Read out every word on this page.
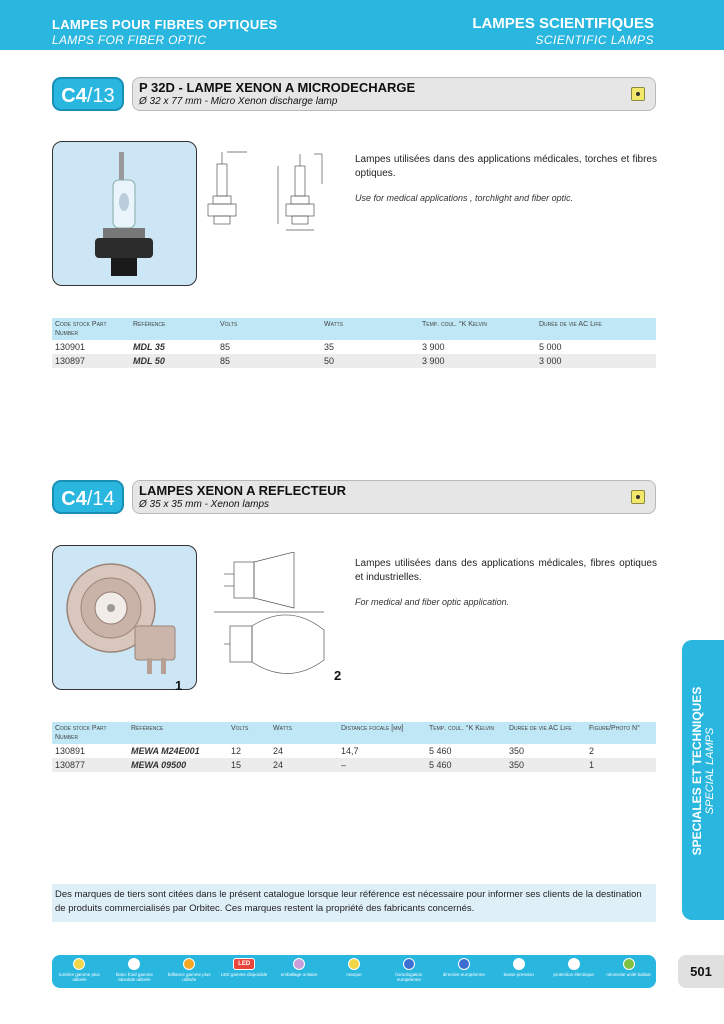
LAMPES POUR FIBRES OPTIQUES
LAMPS FOR FIBER OPTIC
LAMPES SCIENTIFIQUES
SCIENTIFIC LAMPS
C4/13	P 32D - LAMPE XENON A MICRODECHARGE
Ø 32 x 77 mm - Micro Xenon discharge lamp
Lampes utilisées dans des applications médicales, torches et fibres optiques.
Use for medical applications , torchlight and fiber optic.
Code stock Part Number	Référence	Volts	Watts	Temp. coul. °K Kelvin	Durée de vie AC Life
130901	MDL 35	85	35	3 900	5 000
130897	MDL 50	85	50	3 900	3 000
C4/14	LAMPES XENON A REFLECTEUR
Ø 35 x 35 mm - Xenon lamps
1
2
Lampes utilisées dans des applications médicales, fibres optiques et industrielles.
For medical and fiber optic application.
Code stock Part Number	Référence	Volts	Watts	Distance focale [mm]	Temp. coul. °K Kelvin	Durée de vie AC Life	Figure/Photo N°
130891	MEWA M24E001	12	24	14,7	5 460	350	2
130877	MEWA 09500	15	24	–	5 460	350	1	SPECIALES ET TECHNIQUES SPECIAL LAMPS
Des marques de tiers sont citées dans le présent catalogue lorsque leur référence est nécessaire pour informer ses clients de la destination de produits commercialisés par Orbitec. Ces marques restent la propriété des fabricants concernés.
lumière gamme plus utilisée
blanc froid gamme absolute utilisée
brillance gamme plus utilisée
LED
LED gamme disponible	emballage unitaire	marque	homologation européenne
directive européenne	basse pression	protection électrique	nécessite unité ballast	501
